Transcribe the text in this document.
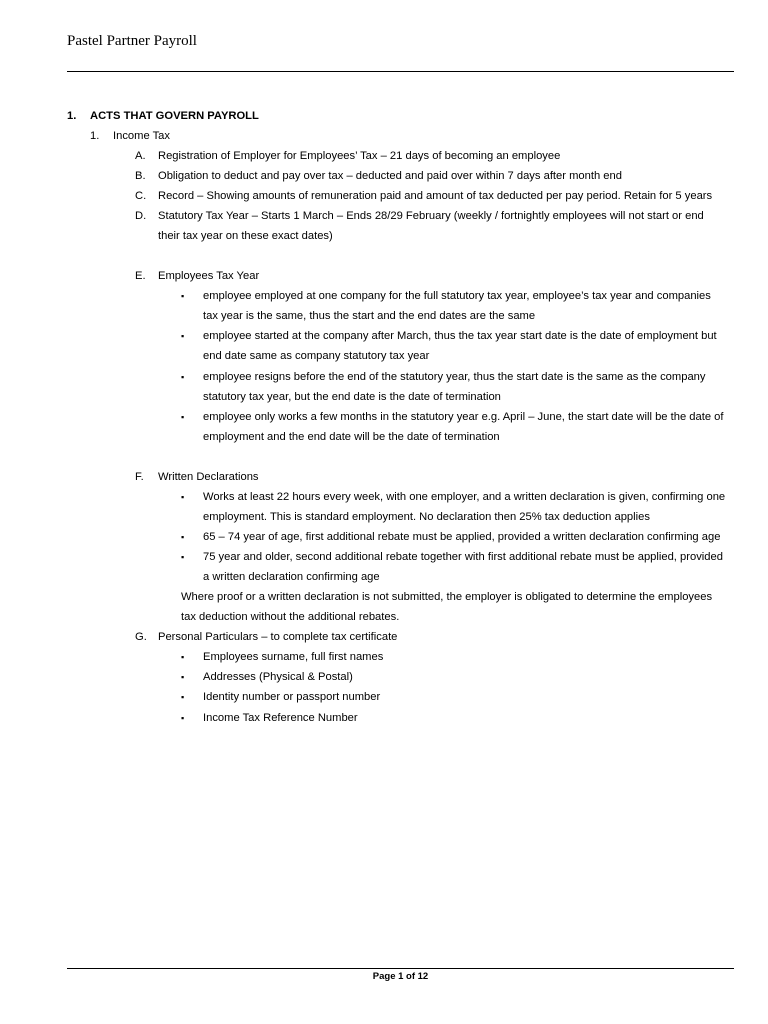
Pastel Partner Payroll
1. ACTS THAT GOVERN PAYROLL
1. Income Tax
A. Registration of Employer for Employees’ Tax – 21 days of becoming an employee
B. Obligation to deduct and pay over tax – deducted and paid over within 7 days after month end
C. Record – Showing amounts of remuneration paid and amount of tax deducted per pay period. Retain for 5 years
D. Statutory Tax Year – Starts 1 March – Ends 28/29 February (weekly / fortnightly employees will not start or end
their tax year on these exact dates)
E. Employees Tax Year
▪ employee employed at one company for the full statutory tax year, employee’s tax year and companies
tax year is the same, thus the start and the end dates are the same
▪ employee started at the company after March, thus the tax year start date is the date of employment but
end date same as company statutory tax year
▪ employee resigns before the end of the statutory year, thus the start date is the same as the company
statutory tax year, but the end date is the date of termination
▪ employee only works a few months in the statutory year e.g. April – June, the start date will be the date of
employment and the end date will be the date of termination
F. Written Declarations
▪ Works at least 22 hours every week, with one employer, and a written declaration is given, confirming one
employment. This is standard employment. No declaration then 25% tax deduction applies
▪ 65 – 74 year of age, first additional rebate must be applied, provided a written declaration confirming age
▪ 75 year and older, second additional rebate together with first additional rebate must be applied, provided
a written declaration confirming age
Where proof or a written declaration is not submitted, the employer is obligated to determine the employees
tax deduction without the additional rebates.
G. Personal Particulars – to complete tax certificate
▪ Employees surname, full first names
▪ Addresses (Physical & Postal)
▪ Identity number or passport number
▪ Income Tax Reference Number
Page 1 of 12
